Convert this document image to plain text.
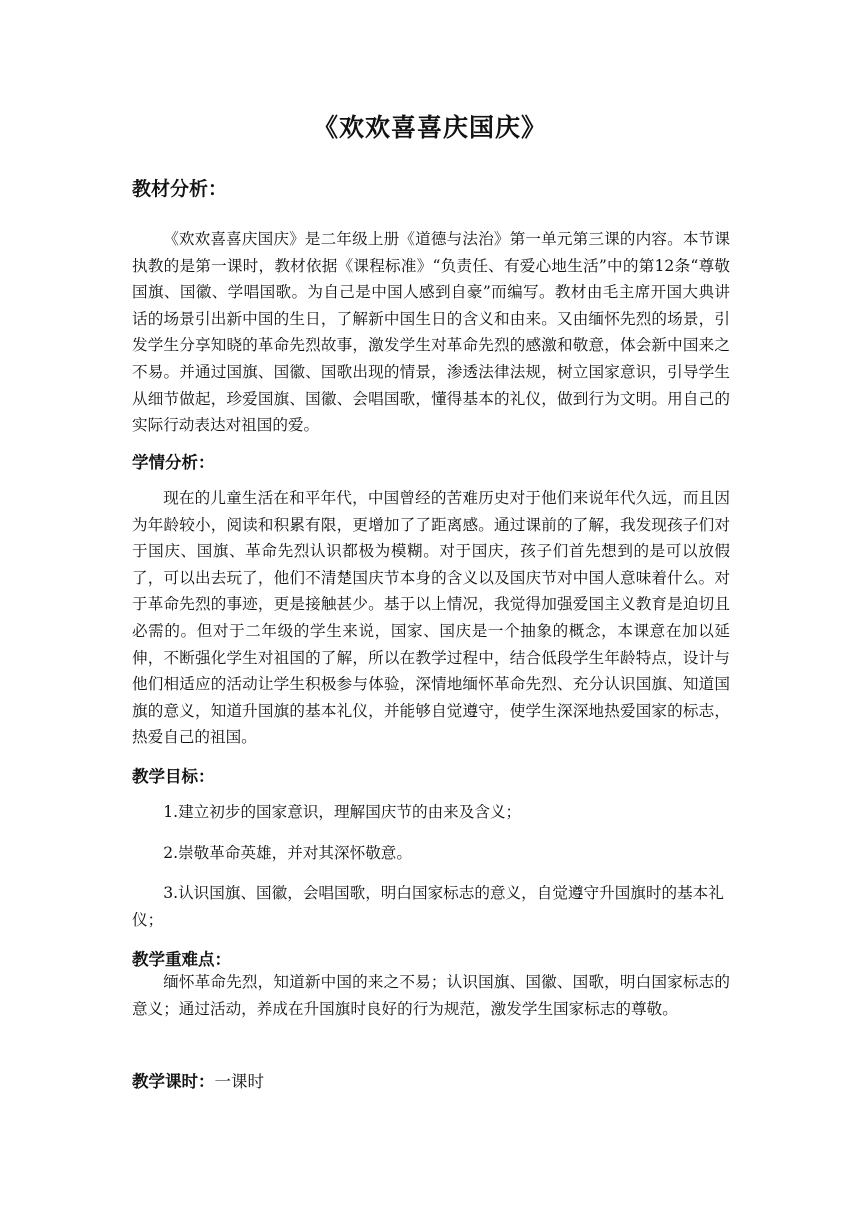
《欢欢喜喜庆国庆》
教材分析：

《欢欢喜喜庆国庆》是二年级上册《道德与法治》第一单元第三课的内容。本节课执教的是第一课时，教材依据《课程标准》“负责任、有爱心地生活”中的第12条“尊敬国旗、国徽、学唱国歌。为自己是中国人感到自豪”而编写。教材由毛主席开国大典讲话的场景引出新中国的生日，了解新中国生日的含义和由来。又由缅怀先烈的场景，引发学生分享知晓的革命先烈故事，激发学生对革命先烈的感激和敬意，体会新中国来之不易。并通过国旗、国徽、国歌出现的情景，渗透法律法规，树立国家意识，引导学生从细节做起，珍爱国旗、国徽、会唱国歌，懂得基本的礼仪，做到行为文明。用自己的实际行动表达对祖国的爱。

学情分析：

现在的儿童生活在和平年代，中国曾经的苦难历史对于他们来说年代久远，而且因为年龄较小，阅读和积累有限，更增加了了距离感。通过课前的了解，我发现孩子们对于国庆、国旗、革命先烈认识都极为模糊。对于国庆，孩子们首先想到的是可以放假了，可以出去玩了，他们不清楚国庆节本身的含义以及国庆节对中国人意味着什么。对于革命先烈的事迹，更是接触甚少。基于以上情况，我觉得加强爱国主义教育是迫切且必需的。但对于二年级的学生来说，国家、国庆是一个抽象的概念，本课意在加以延伸，不断强化学生对祖国的了解，所以在教学过程中，结合低段学生年龄特点，设计与他们相适应的活动让学生积极参与体验，深情地缅怀革命先烈、充分认识国旗、知道国旗的意义，知道升国旗的基本礼仪，并能够自觉遵守，使学生深深地热爱国家的标志，热爱自己的祖国。

教学目标：

1.建立初步的国家意识，理解国庆节的由来及含义；

2.崇敬革命英雄，并对其深怀敬意。

3.认识国旗、国徽，会唱国歌，明白国家标志的意义，自觉遵守升国旗时的基本礼仪；

教学重难点：

缅怀革命先烈，知道新中国的来之不易；认识国旗、国徽、国歌，明白国家标志的意义；通过活动，养成在升国旗时良好的行为规范，激发学生国家标志的尊敬。

教学课时：一课时
